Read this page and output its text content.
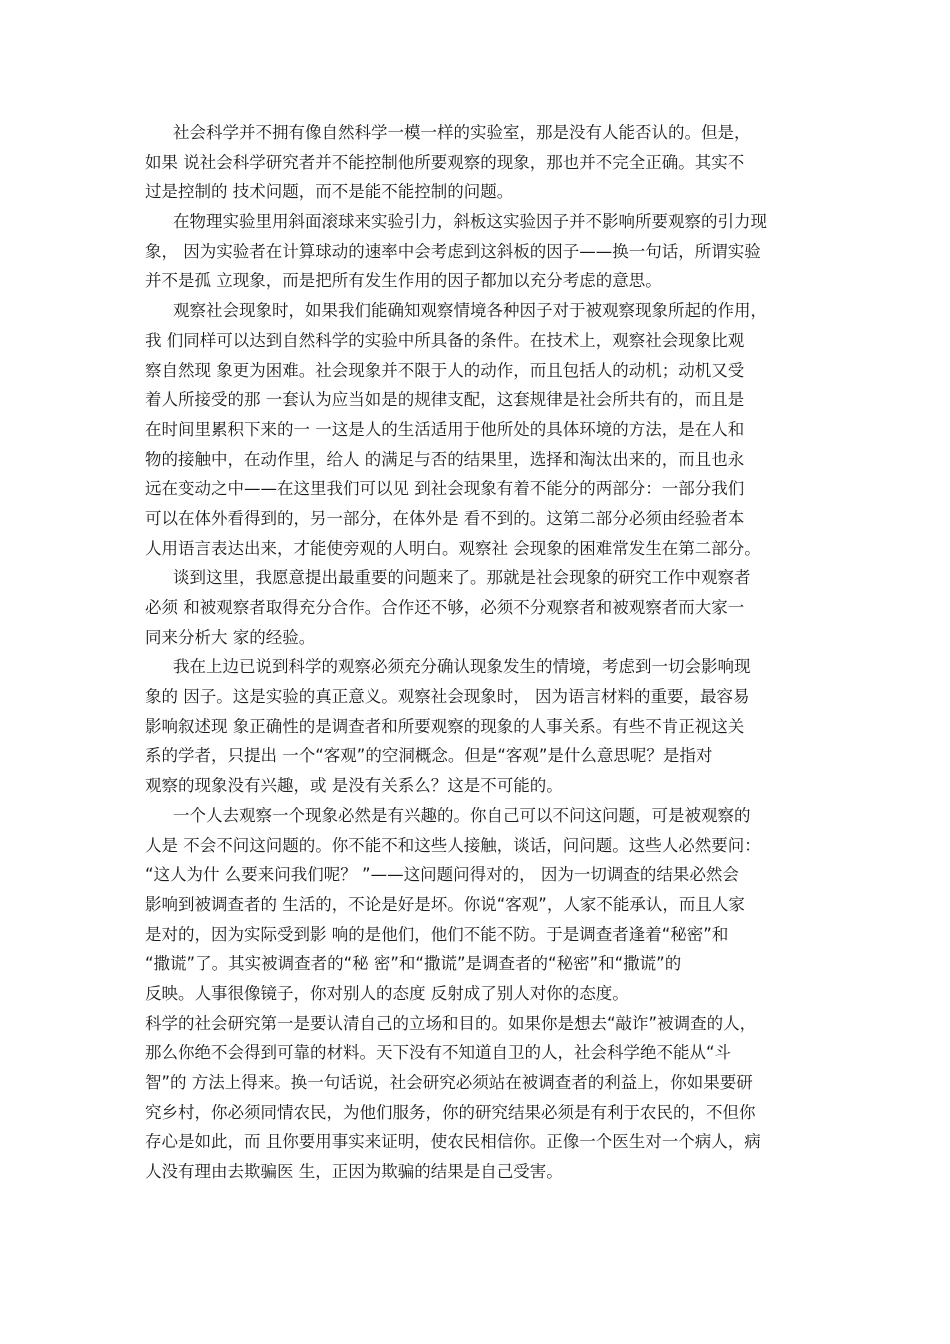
社会科学并不拥有像自然科学一模一样的实验室，那是没有人能否认的。但是，
如果 说社会科学研究者并不能控制他所要观察的现象，那也并不完全正确。其实不
过是控制的 技术问题，而不是能不能控制的问题。
在物理实验里用斜面滚球来实验引力，斜板这实验因子并不影响所要观察的引力现
象， 因为实验者在计算球动的速率中会考虑到这斜板的因子——换一句话，所谓实验
并不是孤 立现象，而是把所有发生作用的因子都加以充分考虑的意思。
观察社会现象时，如果我们能确知观察情境各种因子对于被观察现象所起的作用，
我 们同样可以达到自然科学的实验中所具备的条件。在技术上，观察社会现象比观
察自然现 象更为困难。社会现象并不限于人的动作，而且包括人的动机；动机又受
着人所接受的那 一套认为应当如是的规律支配，这套规律是社会所共有的，而且是
在时间里累积下来的一 一这是人的生活适用于他所处的具体环境的方法，是在人和
物的接触中，在动作里，给人 的满足与否的结果里，选择和淘汰出来的，而且也永
远在变动之中——在这里我们可以见 到社会现象有着不能分的两部分：一部分我们
可以在体外看得到的，另一部分，在体外是 看不到的。这第二部分必须由经验者本
人用语言表达出来，才能使旁观的人明白。观察社 会现象的困难常发生在第二部分。
谈到这里，我愿意提出最重要的问题来了。那就是社会现象的研究工作中观察者
必须 和被观察者取得充分合作。合作还不够，必须不分观察者和被观察者而大家一
同来分析大 家的经验。
我在上边已说到科学的观察必须充分确认现象发生的情境，考虑到一切会影响现
象的 因子。这是实验的真正意义。观察社会现象时， 因为语言材料的重要，最容易
影响叙述现 象正确性的是调查者和所要观察的现象的人事关系。有些不肯正视这关
系的学者，只提出 一个“客观”的空洞概念。但是“客观”是什么意思呢？是指对
观察的现象没有兴趣，或 是没有关系么？这是不可能的。
一个人去观察一个现象必然是有兴趣的。你自己可以不问这问题，可是被观察的
人是 不会不问这问题的。你不能不和这些人接触，谈话，问问题。这些人必然要问：
“这人为什 么要来问我们呢？ ”——这问题问得对的， 因为一切调查的结果必然会
影响到被调查者的 生活的，不论是好是坏。你说“客观”，人家不能承认，而且人家
是对的，因为实际受到影 响的是他们，他们不能不防。于是调查者逢着“秘密”和
“撒谎”了。其实被调查者的“秘 密”和“撒谎”是调查者的“秘密”和“撒谎”的
反映。人事很像镜子，你对别人的态度 反射成了别人对你的态度。
科学的社会研究第一是要认清自己的立场和目的。如果你是想去“敲诈”被调查的人，
那么你绝不会得到可靠的材料。天下没有不知道自卫的人，社会科学绝不能从“斗
智”的 方法上得来。换一句话说，社会研究必须站在被调查者的利益上，你如果要研
究乡村，你必须同情农民，为他们服务，你的研究结果必须是有利于农民的，不但你
存心是如此，而 且你要用事实来证明，使农民相信你。正像一个医生对一个病人，病
人没有理由去欺骗医 生，正因为欺骗的结果是自己受害。
